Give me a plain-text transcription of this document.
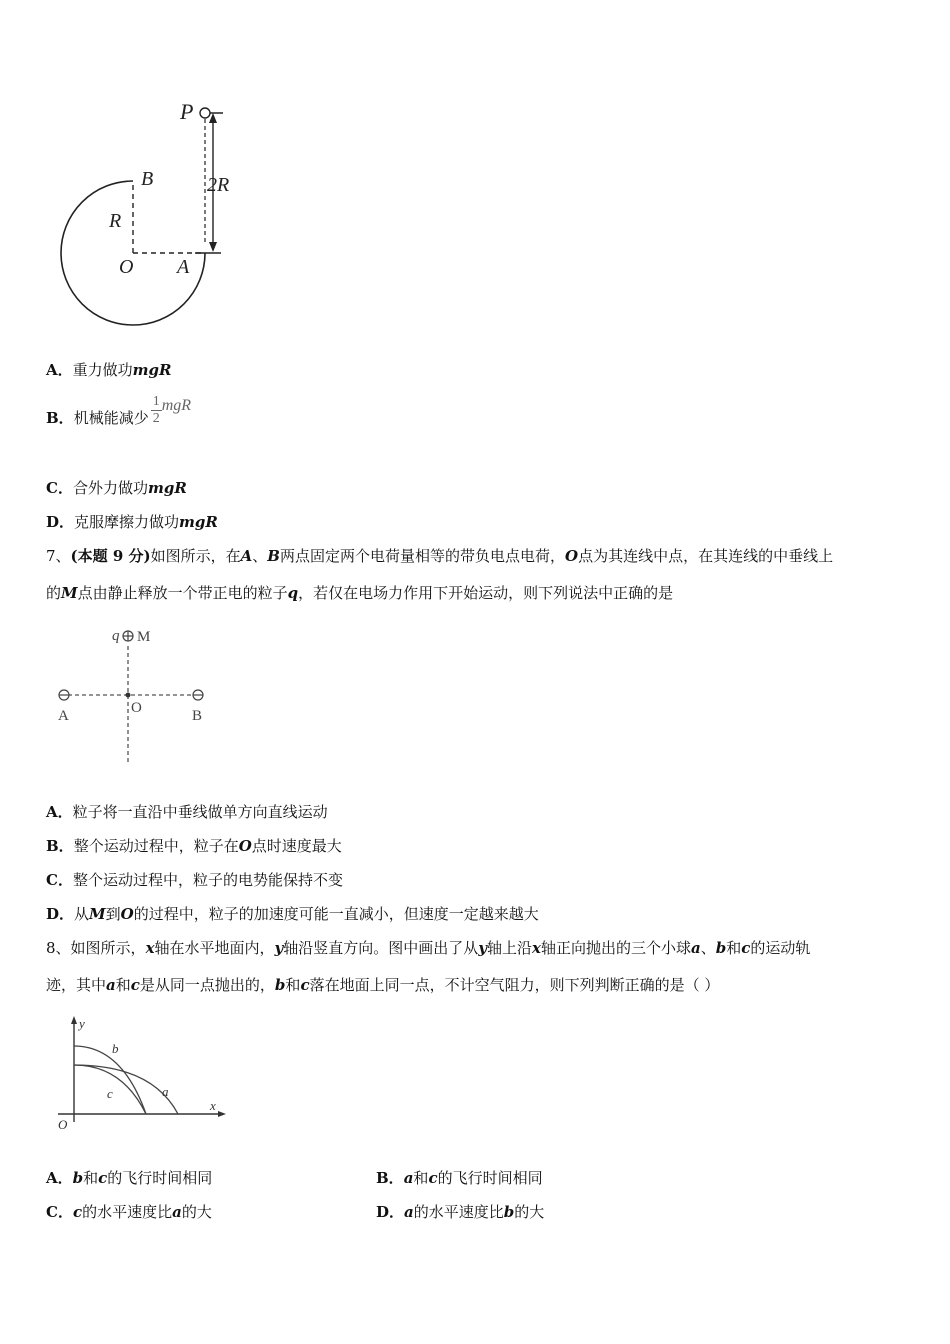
P
B
R
2R
O A
A．重力做功mgR
B． 机械能减少 $\frac{1}{2}$ mgR
C．合外力做功mgR
D．克服摩擦力做功mgR
7、(本题 9 分)如图所示，在A、B两点固定两个电荷量相等的带负电点电荷，O点为其连线中点，在其连线的中垂线上
的M点由静止释放一个带正电的粒子q，若仅在电场力作用下开始运动，则下列说法中正确的是
q M
A	O	B
A．粒子将一直沿中垂线做单方向直线运动
B．整个运动过程中，粒子在O点时速度最大
C．整个运动过程中，粒子的电势能保持不变
D．从M到O的过程中，粒子的加速度可能一直减小，但速度一定越来越大
8、如图所示，x轴在水平地面内，y轴沿竖直方向。图中画出了从y轴上沿x轴正向抛出的三个小球a、b和c的运动轨
迹，其中a和c是从同一点抛出的，b和c落在地面上同一点，不计空气阻力，则下列判断正确的是（ ）
y
b
c	a
x
O
A．b和c的飞行时间相同	B．a和c的飞行时间相同
C．c的水平速度比a的大	D．a的水平速度比b的大
